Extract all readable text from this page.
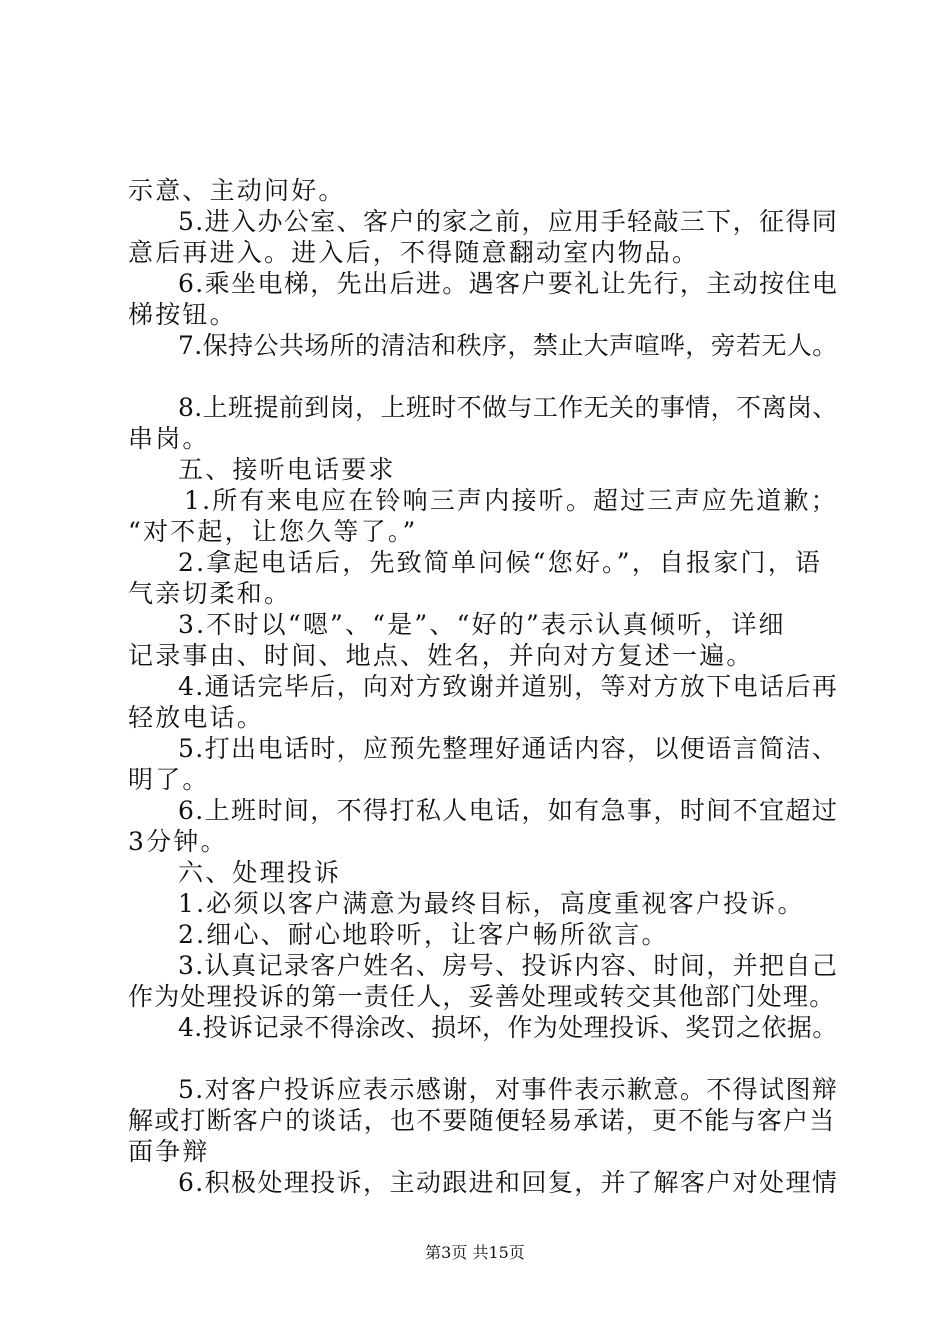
示意、主动问好。
5.进入办公室、客户的家之前，应用手轻敲三下，征得同
意后再进入。进入后，不得随意翻动室内物品。
6.乘坐电梯，先出后进。遇客户要礼让先行，主动按住电
梯按钮。
7.保持公共场所的清洁和秩序，禁止大声喧哗，旁若无人。
8.上班提前到岗，上班时不做与工作无关的事情，不离岗、
串岗。
五、接听电话要求
1.所有来电应在铃响三声内接听。超过三声应先道歉；
“对不起，让您久等了。”
2.拿起电话后，先致简单问候“您好。”，自报家门，语
气亲切柔和。
3.不时以“嗯”、“是”、“好的”表示认真倾听，详细
记录事由、时间、地点、姓名，并向对方复述一遍。
4.通话完毕后，向对方致谢并道别，等对方放下电话后再
轻放电话。
5.打出电话时，应预先整理好通话内容，以便语言简洁、
明了。
6.上班时间，不得打私人电话，如有急事，时间不宜超过
3分钟。
六、处理投诉
1.必须以客户满意为最终目标，高度重视客户投诉。
2.细心、耐心地聆听，让客户畅所欲言。
3.认真记录客户姓名、房号、投诉内容、时间，并把自己
作为处理投诉的第一责任人，妥善处理或转交其他部门处理。
4.投诉记录不得涂改、损坏，作为处理投诉、奖罚之依据。
5.对客户投诉应表示感谢，对事件表示歉意。不得试图辩
解或打断客户的谈话，也不要随便轻易承诺，更不能与客户当
面争辩
6.积极处理投诉，主动跟进和回复，并了解客户对处理情
第3页 共15页
